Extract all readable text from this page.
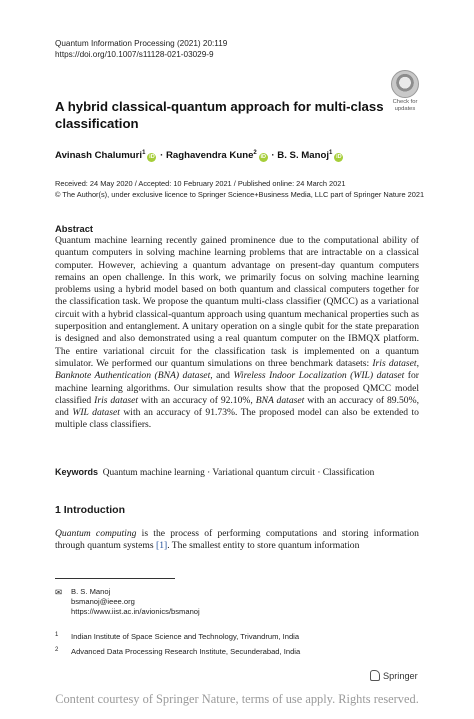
Quantum Information Processing (2021) 20:119
https://doi.org/10.1007/s11128-021-03029-9
Check for
updates
A hybrid classical-quantum approach for multi-class classification
Avinash Chalumuri$^1$iD · Raghavendra Kune$^2$iD · B. S. Manoj$^1$iD
Received: 24 May 2020 / Accepted: 10 February 2021 / Published online: 24 March 2021
© The Author(s), under exclusive licence to Springer Science+Business Media, LLC part of Springer Nature 2021
Abstract
Quantum machine learning recently gained prominence due to the computational ability of quantum computers in solving machine learning problems that are intractable on a classical computer. However, achieving a quantum advantage on present-day quantum computers remains an open challenge. In this work, we primarily focus on solving machine learning problems using a hybrid model based on both quantum and classical computers together for the classification task. We propose the quantum multi-class classifier (QMCC) as a variational circuit with a hybrid classical-quantum approach using quantum mechanical properties such as superposition and entanglement. A unitary operation on a single qubit for the state preparation is designed and also demonstrated using a real quantum computer on the IBMQX platform. The entire variational circuit for the classification task is implemented on a quantum simulator. We performed our quantum simulations on three benchmark datasets: Iris dataset, Banknote Authentication (BNA) dataset, and Wireless Indoor Localization (WIL) dataset for machine learning algorithms. Our simulation results show that the proposed QMCC model classified Iris dataset with an accuracy of 92.10%, BNA dataset with an accuracy of 89.50%, and WIL dataset with an accuracy of 91.73%. The proposed model can also be extended to multiple class classifiers.
Keywords Quantum machine learning · Variational quantum circuit · Classification
1 Introduction
Quantum computing is the process of performing computations and storing information through quantum systems [1]. The smallest entity to store quantum information
✉ B. S. Manoj
bsmanoj@ieee.org
https://www.iist.ac.in/avionics/bsmanoj
$^1$ Indian Institute of Space Science and Technology, Trivandrum, India
$^2$ Advanced Data Processing Research Institute, Secunderabad, India
Springer
Content courtesy of Springer Nature, terms of use apply. Rights reserved.
